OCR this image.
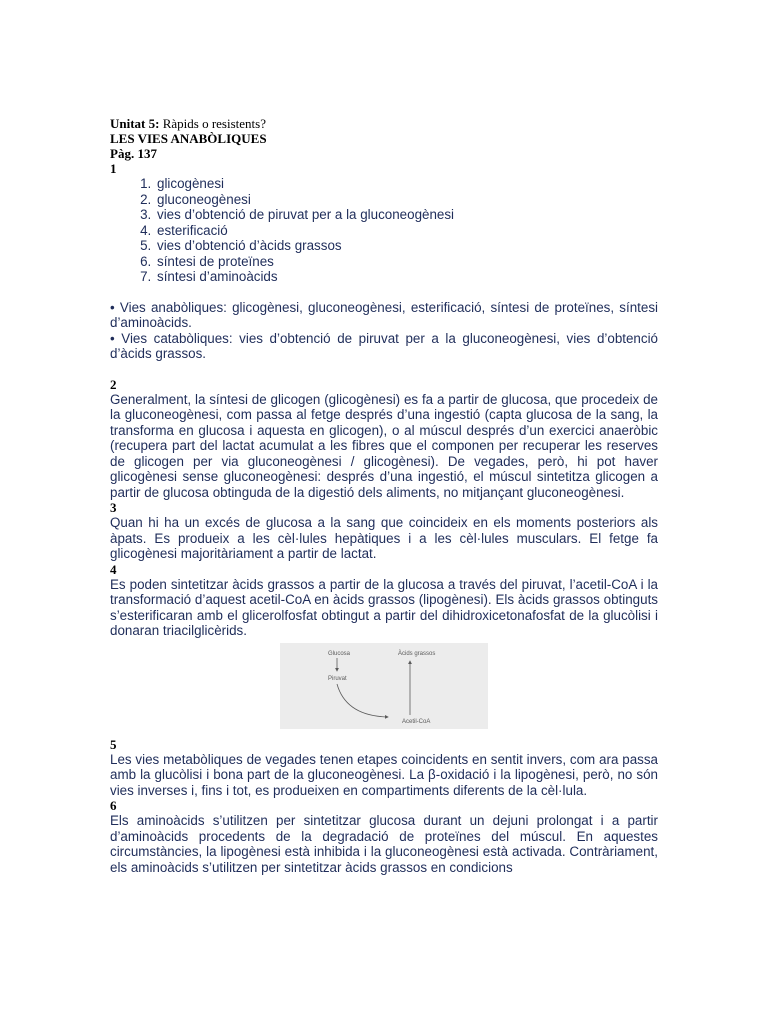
Unitat 5: Ràpids o resistents?
LES VIES ANABÒLIQUES
Pàg. 137
1
1. glicogènesi
2. gluconeogènesi
3. vies d’obtenció de piruvat per a la gluconeogènesi
4. esterificació
5. vies d’obtenció d’àcids grassos
6. síntesi de proteïnes
7. síntesi d’aminoàcids

• Vies anabòliques: glicogènesi, gluconeogènesi, esterificació, síntesi de proteïnes, síntesi d’aminoàcids.

• Vies catabòliques: vies d’obtenció de piruvat per a la gluconeogènesi, vies d’obtenció d’àcids grassos.

2

Generalment, la síntesi de glicogen (glicogènesi) es fa a partir de glucosa, que procedeix de la gluconeogènesi, com passa al fetge després d’una ingestió (capta glucosa de la sang, la transforma en glucosa i aquesta en glicogen), o al múscul després d’un exercici anaeròbic (recupera part del lactat acumulat a les fibres que el componen per recuperar les reserves de glicogen per via gluconeogènesi / glicogènesi). De vegades, però, hi pot haver glicogènesi sense gluconeogènesi: després d’una ingestió, el múscul sintetitza glicogen a partir de glucosa obtinguda de la digestió dels aliments, no mitjançant gluconeogènesi.

3

Quan hi ha un excés de glucosa a la sang que coincideix en els moments posteriors als àpats. Es produeix a les cèl·lules hepàtiques i a les cèl·lules musculars. El fetge fa glicogènesi majoritàriament a partir de lactat.

4

Es poden sintetitzar àcids grassos a partir de la glucosa a través del piruvat, l’acetil-CoA i la transformació d’aquest acetil-CoA en àcids grassos (lipogènesi). Els àcids grassos obtinguts s’esterificaran amb el glicerolfosfat obtingut a partir del dihidroxicetonafosfat de la glucòlisi i donaran triacilglicèrids.

Glucosa
Piruvat
Àcids grassos
Acetil-CoA
5

Les vies metabòliques de vegades tenen etapes coincidents en sentit invers, com ara passa amb la glucòlisi i bona part de la gluconeogènesi. La β-oxidació i la lipogènesi, però, no són vies inverses i, fins i tot, es produeixen en compartiments diferents de la cèl·lula.

6

Els aminoàcids s’utilitzen per sintetitzar glucosa durant un dejuni prolongat i a partir d’aminoàcids procedents de la degradació de proteïnes del múscul. En aquestes circumstàncies, la lipogènesi està inhibida i la gluconeogènesi està activada. Contràriament, els aminoàcids s’utilitzen per sintetitzar àcids grassos en condicions
